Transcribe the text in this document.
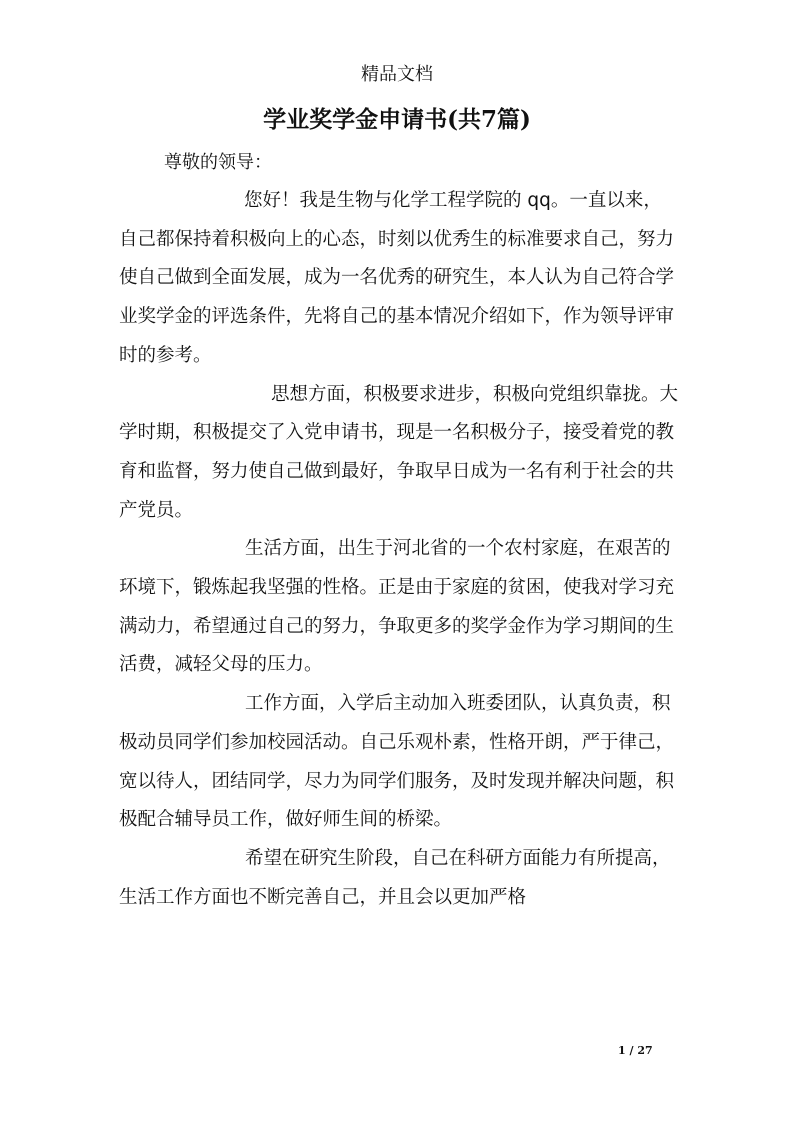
精品文档
学业奖学金申请书(共7篇)
尊敬的领导：

您好！我是生物与化学工程学院的 qq。一直以来，自己都保持着积极向上的心态，时刻以优秀生的标准要求自己，努力使自己做到全面发展，成为一名优秀的研究生，本人认为自己符合学业奖学金的评选条件，先将自己的基本情况介绍如下，作为领导评审时的参考。

思想方面，积极要求进步，积极向党组织靠拢。大学时期，积极提交了入党申请书，现是一名积极分子，接受着党的教育和监督，努力使自己做到最好，争取早日成为一名有利于社会的共产党员。

生活方面，出生于河北省的一个农村家庭，在艰苦的环境下，锻炼起我坚强的性格。正是由于家庭的贫困，使我对学习充满动力，希望通过自己的努力，争取更多的奖学金作为学习期间的生活费，减轻父母的压力。

工作方面，入学后主动加入班委团队，认真负责，积极动员同学们参加校园活动。自己乐观朴素，性格开朗，严于律己，宽以待人，团结同学，尽力为同学们服务，及时发现并解决问题，积极配合辅导员工作，做好师生间的桥梁。

希望在研究生阶段，自己在科研方面能力有所提高，生活工作方面也不断完善自己，并且会以更加严格

1 / 27
